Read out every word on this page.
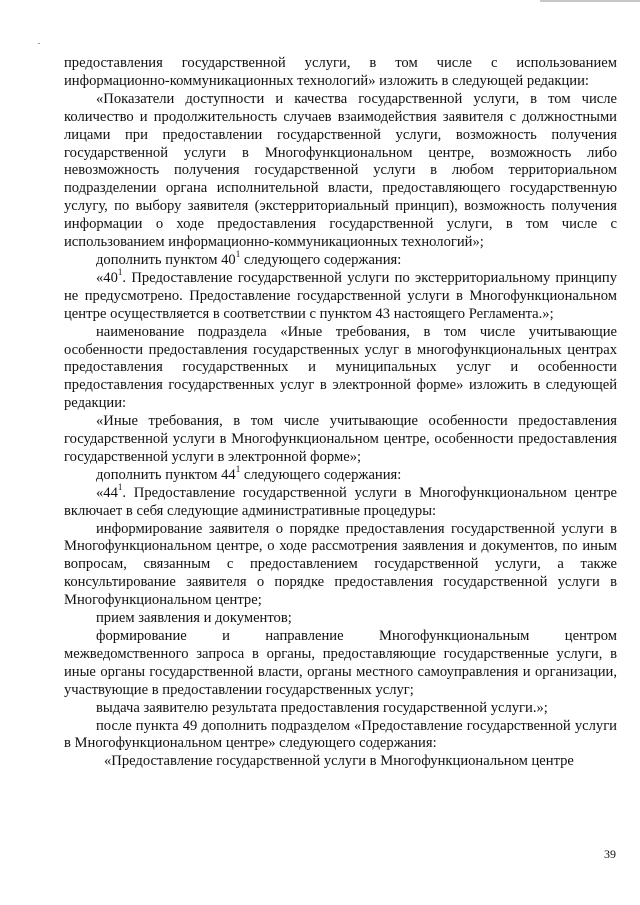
предоставления государственной услуги, в том числе с использованием информационно-коммуникационных технологий» изложить в следующей редакции:

«Показатели доступности и качества государственной услуги, в том числе количество и продолжительность случаев взаимодействия заявителя с должностными лицами при предоставлении государственной услуги, возможность получения государственной услуги в Многофункциональном центре, возможность либо невозможность получения государственной услуги в любом территориальном подразделении органа исполнительной власти, предоставляющего государственную услугу, по выбору заявителя (экстерриториальный принцип), возможность получения информации о ходе предоставления государственной услуги, в том числе с использованием информационно-коммуникационных технологий»;

дополнить пунктом $40^1$ следующего содержания:

«$40^1$. Предоставление государственной услуги по экстерриториальному принципу не предусмотрено. Предоставление государственной услуги в Многофункциональном центре осуществляется в соответствии с пунктом 43 настоящего Регламента.»;

наименование подраздела «Иные требования, в том числе учитывающие особенности предоставления государственных услуг в многофункциональных центрах предоставления государственных и муниципальных услуг и особенности предоставления государственных услуг в электронной форме» изложить в следующей редакции:

«Иные требования, в том числе учитывающие особенности предоставления государственной услуги в Многофункциональном центре, особенности предоставления государственной услуги в электронной форме»;

дополнить пунктом $44^1$ следующего содержания:

«$44^1$. Предоставление государственной услуги в Многофункциональном центре включает в себя следующие административные процедуры:

информирование заявителя о порядке предоставления государственной услуги в Многофункциональном центре, о ходе рассмотрения заявления и документов, по иным вопросам, связанным с предоставлением государственной услуги, а также консультирование заявителя о порядке предоставления государственной услуги в Многофункциональном центре;

прием заявления и документов;

формирование и направление Многофункциональным центром межведомственного запроса в органы, предоставляющие государственные услуги, в иные органы государственной власти, органы местного самоуправления и организации, участвующие в предоставлении государственных услуг;

выдача заявителю результата предоставления государственной услуги.»;

после пункта 49 дополнить подразделом «Предоставление государственной услуги в Многофункциональном центре» следующего содержания:

«Предоставление государственной услуги в Многофункциональном центре

39
